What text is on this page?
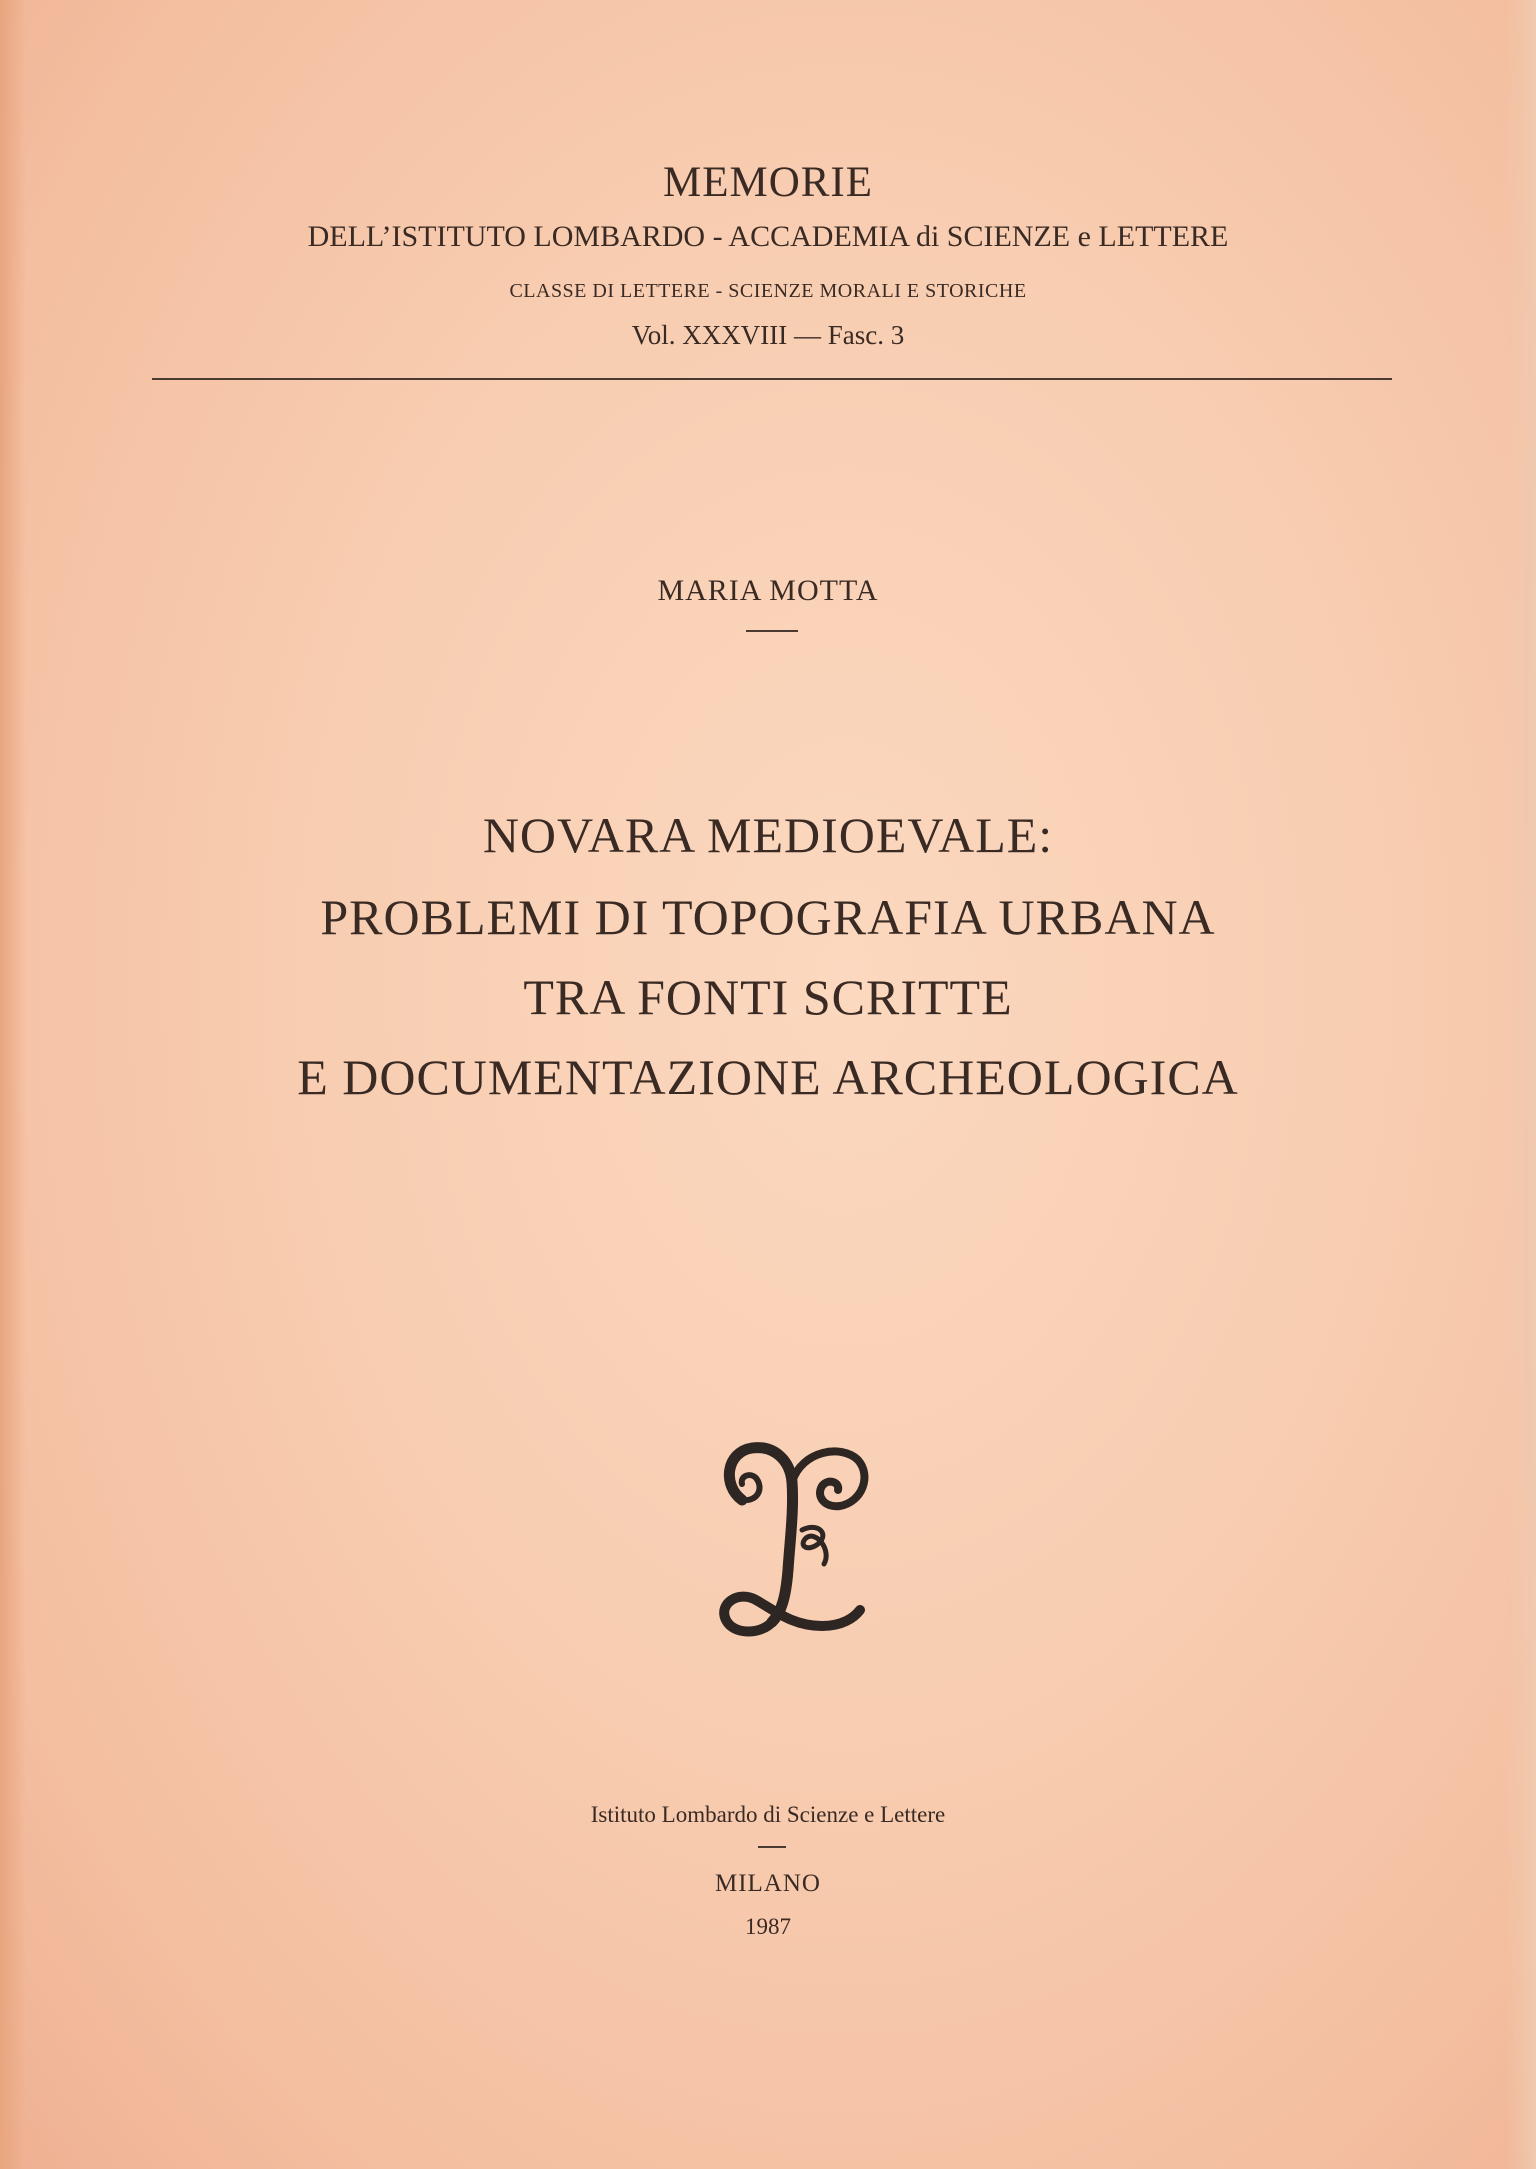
MEMORIE
DELL’ISTITUTO LOMBARDO - ACCADEMIA di SCIENZE e LETTERE
CLASSE DI LETTERE - SCIENZE MORALI E STORICHE
Vol. XXXVIII — Fasc. 3
MARIA MOTTA
NOVARA MEDIOEVALE:
PROBLEMI DI TOPOGRAFIA URBANA
TRA FONTI SCRITTE
E DOCUMENTAZIONE ARCHEOLOGICA
Istituto Lombardo di Scienze e Lettere
MILANO
1987
